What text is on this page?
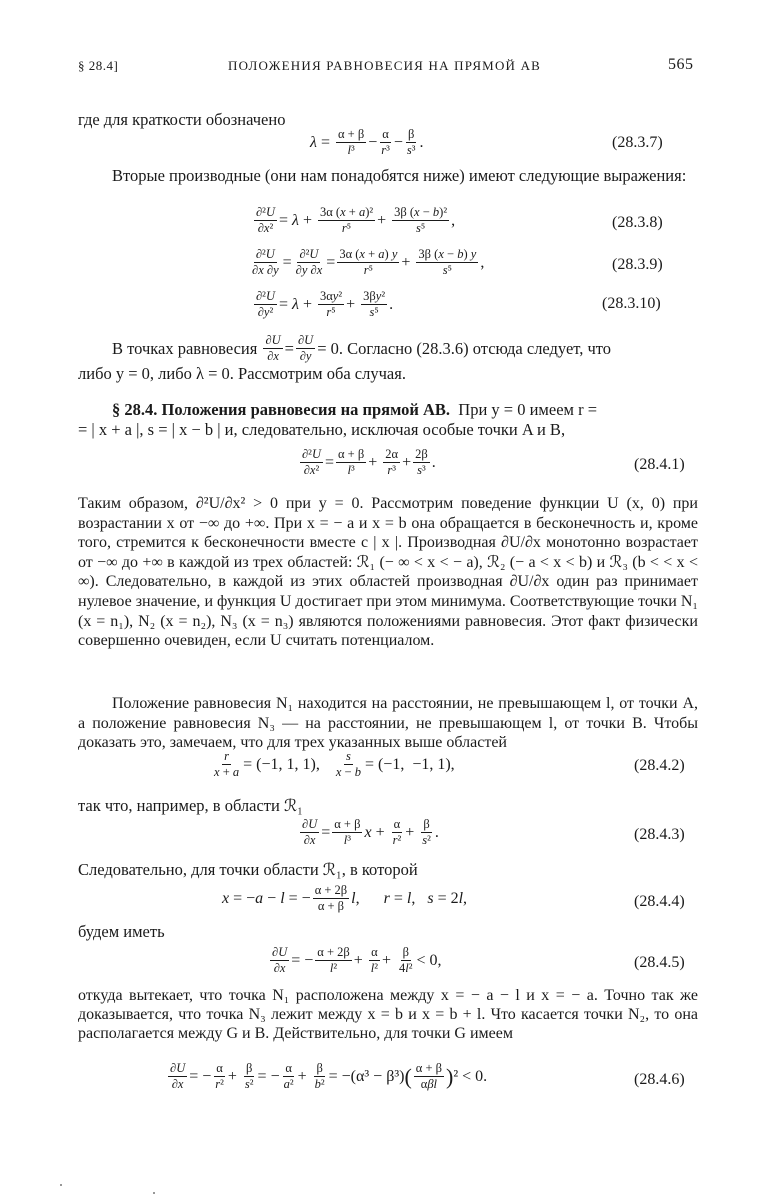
§ 28.4]	ПОЛОЖЕНИЯ РАВНОВЕСИЯ НА ПРЯМОЙ AB	565
где для краткости обозначено
$\lambda = \frac{\alpha + \beta}{\text{l³}} - \frac{\alpha}{\text{r³}} - \frac{\beta}{\text{s³}}$ .	(28.3.7)
Вторые производные (они нам понадобятся ниже) имеют следующие выражения:
$\frac{\text{∂²U}}{\text{∂x²}} = \lambda + \frac{\text{3α (x + a)²}}{\text{r⁵}} + \frac{\text{3β (x − b)²}}{\text{s⁵}}$ ,	(28.3.8)
$\frac{\text{∂²U}}{\partial x \partial y} = \frac{\text{∂²U}}{\partial y \partial x} = \frac{3\alpha (x + a) y}{\text{r⁵}} + \frac{3\beta (x - b) y}{\text{s⁵}}$ ,	(28.3.9)
$\frac{\text{∂²U}}{\text{∂y²}} = \lambda + \frac{\text{3αy²}}{\text{r⁵}} + \frac{\text{3βy²}}{\text{s⁵}}$ .	(28.3.10)
В точках равновесия
$\frac{\partial U}{\partial x} = \frac{\partial U}{\partial y} = 0$. Согласно (28.3.6) отсюда следует, что
либо y = 0, либо λ = 0. Рассмотрим оба случая.
§ 28.4. Положения равновесия на прямой AB. При y = 0 имеем r =
= | x + a |, s = | x − b | и, следовательно, исключая особые точки A и B,
$\frac{\text{∂²U}}{\text{∂x²}} = \frac{\alpha + \beta}{\text{l³}} + \frac{2\alpha}{\text{r³}} + \frac{2\beta}{\text{s³}}$ .	(28.4.1)
Таким образом, ∂²U/∂x² > 0 при y = 0. Рассмотрим поведение функции U (x, 0) при возрастании x от −∞ до +∞. При x = − a и x = b она обращается в бесконечность и, кроме того, стремится к бесконечности вместе с | x |. Производная ∂U/∂x монотонно возрастает от −∞ до +∞ в каждой из трех областей: ℛ₁ (− ∞ < x < − a), ℛ₂ (− a < x < b) и ℛ₃ (b < < x < ∞). Следовательно, в каждой из этих областей производная ∂U/∂x один раз принимает нулевое значение, и функция U достигает при этом минимума. Соответствующие точки N₁ (x = n₁), N₂ (x = n₂), N₃ (x = n₃) являются положениями равновесия. Этот факт физически совершенно очевиден, если U считать потенциалом.
Положение равновесия N₁ находится на расстоянии, не превышающем l, от точки A, а положение равновесия N₃ — на расстоянии, не превышающем l, от точки B. Чтобы доказать это, замечаем, что для трех указанных выше областей
$\frac{r}{x + a} = (-1$, 1, 1), $\frac{s}{x - b} = (-1$,  −1, 1),	(28.4.2)
так что, например, в области ℛ₁
$\frac{\partial U}{\partial x} = \frac{\alpha + \beta}{\text{l³}}$ $x + \frac{\alpha}{\text{r²}} + \frac{\beta}{\text{s²}}$ .	(28.4.3)
Следовательно, для точки области ℛ₁, в которой
x = − a − l = − $\frac{\alpha + 2\beta}{\alpha + \beta}$ l , r = l , s = 2 l ,	(28.4.4)
будем иметь
$\frac{\partial U}{\partial x}$ = − $\frac{\alpha + 2\beta}{\text{l²}} + \frac{\alpha}{\text{l²}} + \frac{\beta}{\text{4l²}} < 0$,	(28.4.5)
откуда вытекает, что точка N₁ расположена между x = − a − l и x = − a. Точно так же доказывается, что точка N₃ лежит между x = b и x = b + l. Что касается точки N₂, то она располагается между G и B. Действительно, для точки G имеем
$\frac{\partial U}{\partial x}$ = − $\frac{\alpha}{\text{r²}} + \frac{\beta}{\text{s²}}$ = − $\frac{\alpha}{\text{a²}} + \frac{\beta}{\text{b²}} = -(\alpha^3 - \beta^3)$ ( $\frac{\alpha + \beta}{\text{αβl}}$ ) ² < 0.	(28.4.6)
